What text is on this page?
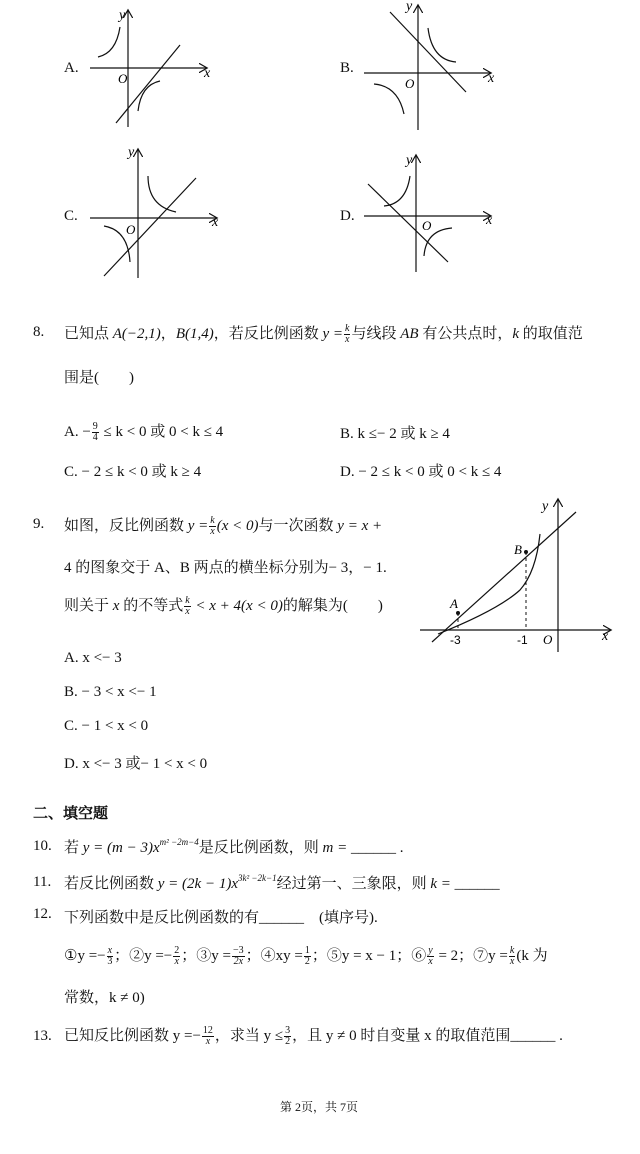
A.
O	x
y
B.
O	x
y
C.
O	x
y
D.
O	x
y
8. 已知点 A(−2,1)，B(1,4)，若反比例函数 $y = \frac{k}{x}$ 与线段 AB 有公共点时，k 的取值范
围是(　　)
A. − $\frac{9}{4} \le k < 0$ 或 0 < k ≤ 4	B. k ≤− 2 或 k ≥ 4
C. − 2 ≤ k < 0 或 k ≥ 4	D. − 2 ≤ k < 0 或 0 < k ≤ 4
9. 如图，反比例函数 $y = \frac{k}{x} (x < 0)$与一次函数 y = x +
4 的图象交于 A、B 两点的横坐标分别为− 3，− 1.
则关于 x 的不等式 $\frac{k}{x} < x + 4(x < 0)$的解集为(　　)	A
B
-3	-1 O	x
y
A. x <− 3
B. − 3 < x <− 1
C. − 1 < x < 0
D. x <− 3 或− 1 < x < 0
二、填空题
10. 若 $y = (m - 3)x^{m^2 -2m-4}$是反比例函数，则 m = ______ .
11. 若反比例函数 $y = (2k - 1)x^{3k^2 -2k-1}$经过第一、三象限，则 k = ______
12. 下列函数中是反比例函数的有______　(填序号).
①y =− $\frac{x}{3}$ ；②y =− $\frac{2}{x}$ ；③y = $\frac{-3}{2x}$ ；④xy = $\frac{1}{2}$ ；⑤y = x − 1；⑥ $\frac{y}{x} = 2$；⑦y = $\frac{k}{x} (k$ 为
常数，k ≠ 0)
13. 已知反比例函数 $y =- \frac{12}{x}$ ，求当 $y \le \frac{3}{2}$ ，且 y ≠ 0 时自变量 x 的取值范围______ .
第 2页，共 7页
